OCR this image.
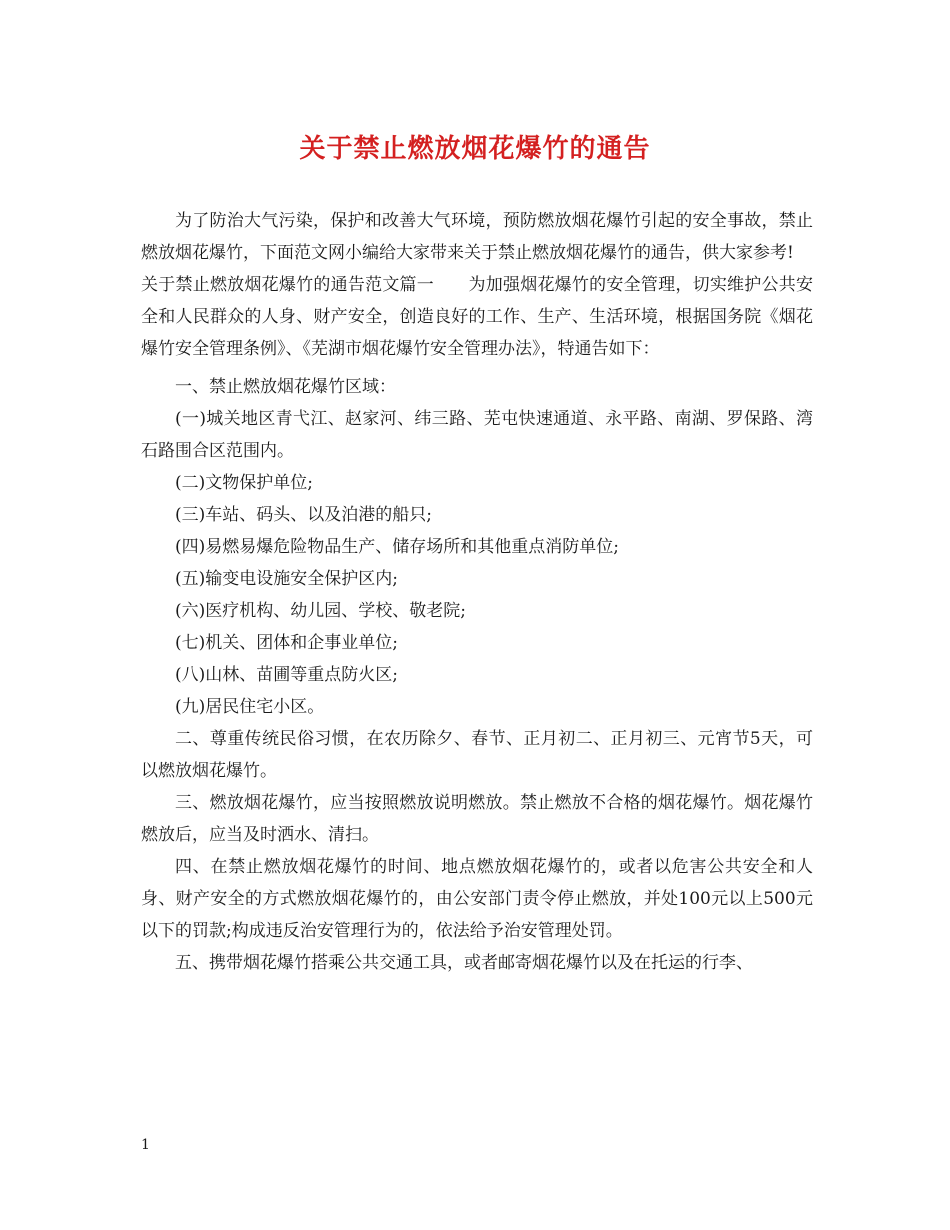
关于禁止燃放烟花爆竹的通告

为了防治大气污染，保护和改善大气环境，预防燃放烟花爆竹引起的安全事故，禁止燃放烟花爆竹，下面范文网小编给大家带来关于禁止燃放烟花爆竹的通告，供大家参考!

关于禁止燃放烟花爆竹的通告范文篇一　　为加强烟花爆竹的安全管理，切实维护公共安全和人民群众的人身、财产安全，创造良好的工作、生产、生活环境，根据国务院《烟花爆竹安全管理条例》、《芜湖市烟花爆竹安全管理办法》，特通告如下：

一、禁止燃放烟花爆竹区域：

(一)城关地区青弋江、赵家河、纬三路、芜屯快速通道、永平路、南湖、罗保路、湾石路围合区范围内。

(二)文物保护单位;

(三)车站、码头、以及泊港的船只;

(四)易燃易爆危险物品生产、储存场所和其他重点消防单位;

(五)输变电设施安全保护区内;

(六)医疗机构、幼儿园、学校、敬老院;

(七)机关、团体和企事业单位;

(八)山林、苗圃等重点防火区;

(九)居民住宅小区。

二、尊重传统民俗习惯，在农历除夕、春节、正月初二、正月初三、元宵节5天，可以燃放烟花爆竹。

三、燃放烟花爆竹，应当按照燃放说明燃放。禁止燃放不合格的烟花爆竹。烟花爆竹燃放后，应当及时洒水、清扫。

四、在禁止燃放烟花爆竹的时间、地点燃放烟花爆竹的，或者以危害公共安全和人身、财产安全的方式燃放烟花爆竹的，由公安部门责令停止燃放，并处100元以上500元以下的罚款;构成违反治安管理行为的，依法给予治安管理处罚。

五、携带烟花爆竹搭乘公共交通工具，或者邮寄烟花爆竹以及在托运的行李、

1
